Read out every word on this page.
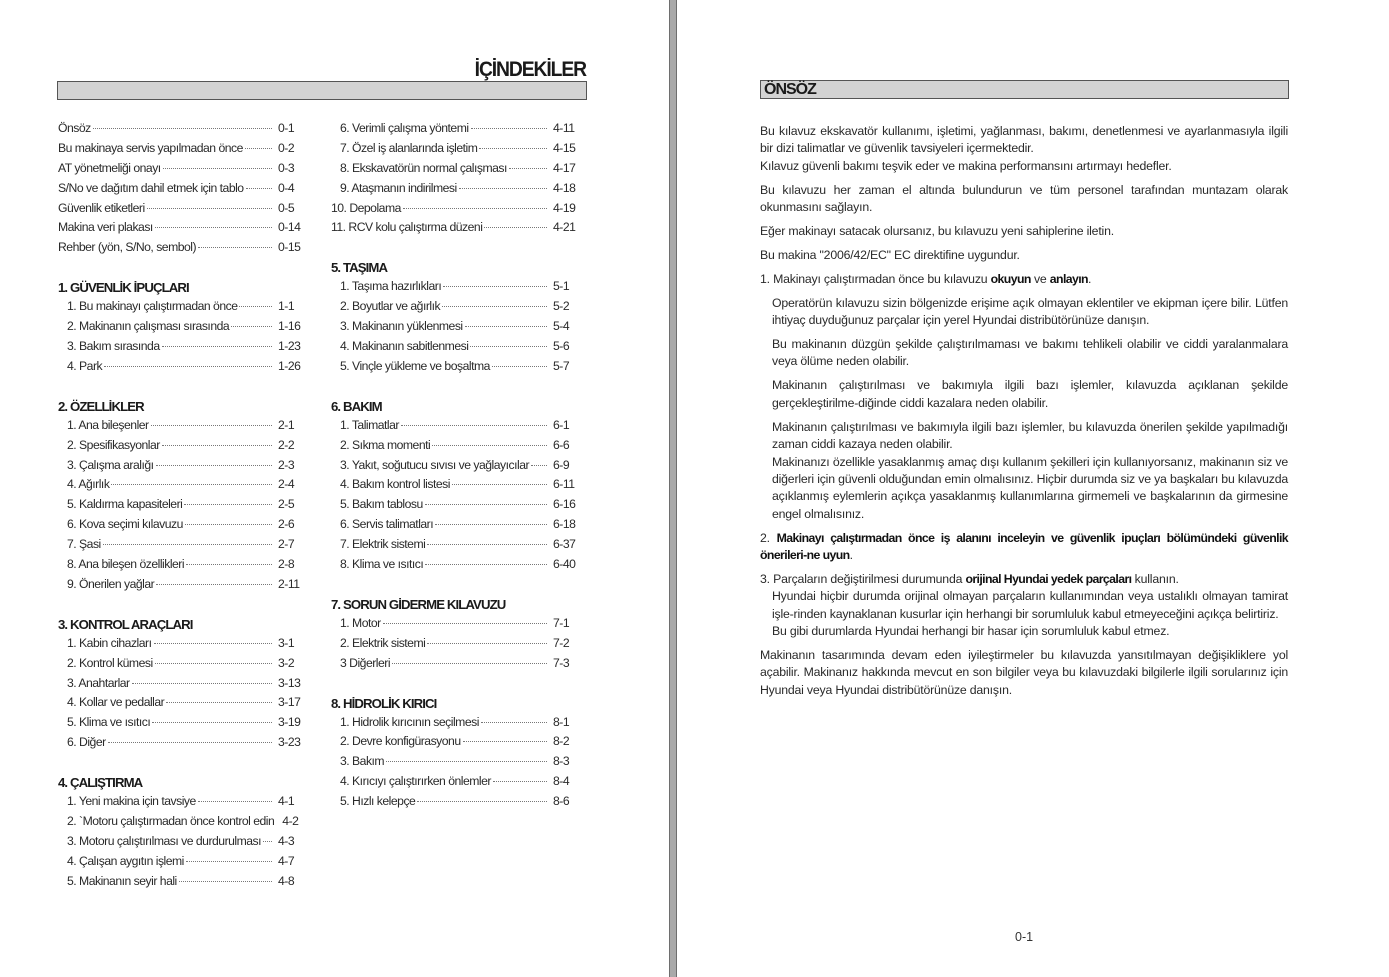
İÇİNDEKİLER
Önsöz	0-1
Bu makinaya servis yapılmadan önce	0-2
AT yönetmeliği onayı	0-3
S/No ve dağıtım dahil etmek için tablo	0-4
Güvenlik etiketleri	0-5
Makina veri plakası	0-14
Rehber (yön, S/No, sembol)	0-15
1. GÜVENLİK İPUÇLARI
1. Bu makinayı çalıştırmadan önce	1-1
2. Makinanın çalışması sırasında	1-16
3. Bakım sırasında	1-23
4. Park	1-26
2. ÖZELLİKLER
1. Ana bileşenler	2-1
2. Spesifikasyonlar	2-2
3. Çalışma aralığı	2-3
4. Ağırlık	2-4
5. Kaldırma kapasiteleri	2-5
6. Kova seçimi kılavuzu	2-6
7. Şasi	2-7
8. Ana bileşen özellikleri	2-8
9. Önerilen yağlar	2-11
3. KONTROL ARAÇLARI
1. Kabin cihazları	3-1
2. Kontrol kümesi	3-2
3. Anahtarlar	3-13
4. Kollar ve pedallar	3-17
5. Klima ve ısıtıcı	3-19
6. Diğer	3-23
4. ÇALIŞTIRMA
1. Yeni makina için tavsiye	4-1
2. `Motoru çalıştırmadan önce kontrol edin 4-2
3. Motoru çalıştırılması ve durdurulması 4-3
4. Çalışan aygıtın işlemi	4-7
5. Makinanın seyir hali	4-8
6. Verimli çalışma yöntemi	4-11
7. Özel iş alanlarında işletim	4-15
8. Ekskavatörün normal çalışması	4-17
9. Ataşmanın indirilmesi	4-18
10. Depolama	4-19
11. RCV kolu çalıştırma düzeni	4-21
5. TAŞIMA
1. Taşıma hazırlıkları	5-1
2. Boyutlar ve ağırlık	5-2
3. Makinanın yüklenmesi	5-4
4. Makinanın sabitlenmesi	5-6
5. Vinçle yükleme ve boşaltma	5-7
6. BAKIM
1. Talimatlar	6-1
2. Sıkma momenti	6-6
3. Yakıt, soğutucu sıvısı ve yağlayıcılar 6-9
4. Bakım kontrol listesi	6-11
5. Bakım tablosu	6-16
6. Servis talimatları	6-18
7. Elektrik sistemi	6-37
8. Klima ve ısıtıcı	6-40
7. SORUN GİDERME KILAVUZU
1. Motor	7-1
2. Elektrik sistemi	7-2
3 Diğerleri	7-3
8. HİDROLİK KIRICI
1. Hidrolik kırıcının seçilmesi	8-1
2. Devre konfigürasyonu	8-2
3. Bakım	8-3
4. Kırıcıyı çalıştırırken önlemler	8-4
5. Hızlı kelepçe	8-6
ÖNSÖZ

Bu kılavuz ekskavatör kullanımı, işletimi, yağlanması, bakımı, denetlenmesi ve ayarlanmasıyla ilgili bir dizi talimatlar ve güvenlik tavsiyeleri içermektedir.

Kılavuz güvenli bakımı teşvik eder ve makina performansını artırmayı hedefler.

Bu kılavuzu her zaman el altında bulundurun ve tüm personel tarafından muntazam olarak okunmasını sağlayın.

Eğer makinayı satacak olursanız, bu kılavuzu yeni sahiplerine iletin.

Bu makina "2006/42/EC" EC direktifine uygundur.

1. Makinayı çalıştırmadan önce bu kılavuzu okuyun ve anlayın.

Operatörün kılavuzu sizin bölgenizde erişime açık olmayan eklentiler ve ekipman içere bilir. Lütfen ihtiyaç duyduğunuz parçalar için yerel Hyundai distribütörünüze danışın.

Bu makinanın düzgün şekilde çalıştırılmaması ve bakımı tehlikeli olabilir ve ciddi yaralanmalara veya ölüme neden olabilir.

Makinanın çalıştırılması ve bakımıyla ilgili bazı işlemler, kılavuzda açıklanan şekilde gerçekleştirilme-diğinde ciddi kazalara neden olabilir.

Makinanın çalıştırılması ve bakımıyla ilgili bazı işlemler, bu kılavuzda önerilen şekilde yapılmadığı zaman ciddi kazaya neden olabilir.

Makinanızı özellikle yasaklanmış amaç dışı kullanım şekilleri için kullanıyorsanız, makinanın siz ve diğerleri için güvenli olduğundan emin olmalısınız. Hiçbir durumda siz ve ya başkaları bu kılavuzda açıklanmış eylemlerin açıkça yasaklanmış kullanımlarına girmemeli ve başkalarının da girmesine engel olmalısınız.

2. Makinayı çalıştırmadan önce iş alanını inceleyin ve güvenlik ipuçları bölümündeki güvenlik önerileri-ne uyun.

3. Parçaların değiştirilmesi durumunda orijinal Hyundai yedek parçaları kullanın.

Hyundai hiçbir durumda orijinal olmayan parçaların kullanımından veya ustalıklı olmayan tamirat işle-rinden kaynaklanan kusurlar için herhangi bir sorumluluk kabul etmeyeceğini açıkça belirtiriz.

Bu gibi durumlarda Hyundai herhangi bir hasar için sorumluluk kabul etmez.

Makinanın tasarımında devam eden iyileştirmeler bu kılavuzda yansıtılmayan değişikliklere yol açabilir. Makinanız hakkında mevcut en son bilgiler veya bu kılavuzdaki bilgilerle ilgili sorularınız için Hyundai veya Hyundai distribütörünüze danışın.

0-1
